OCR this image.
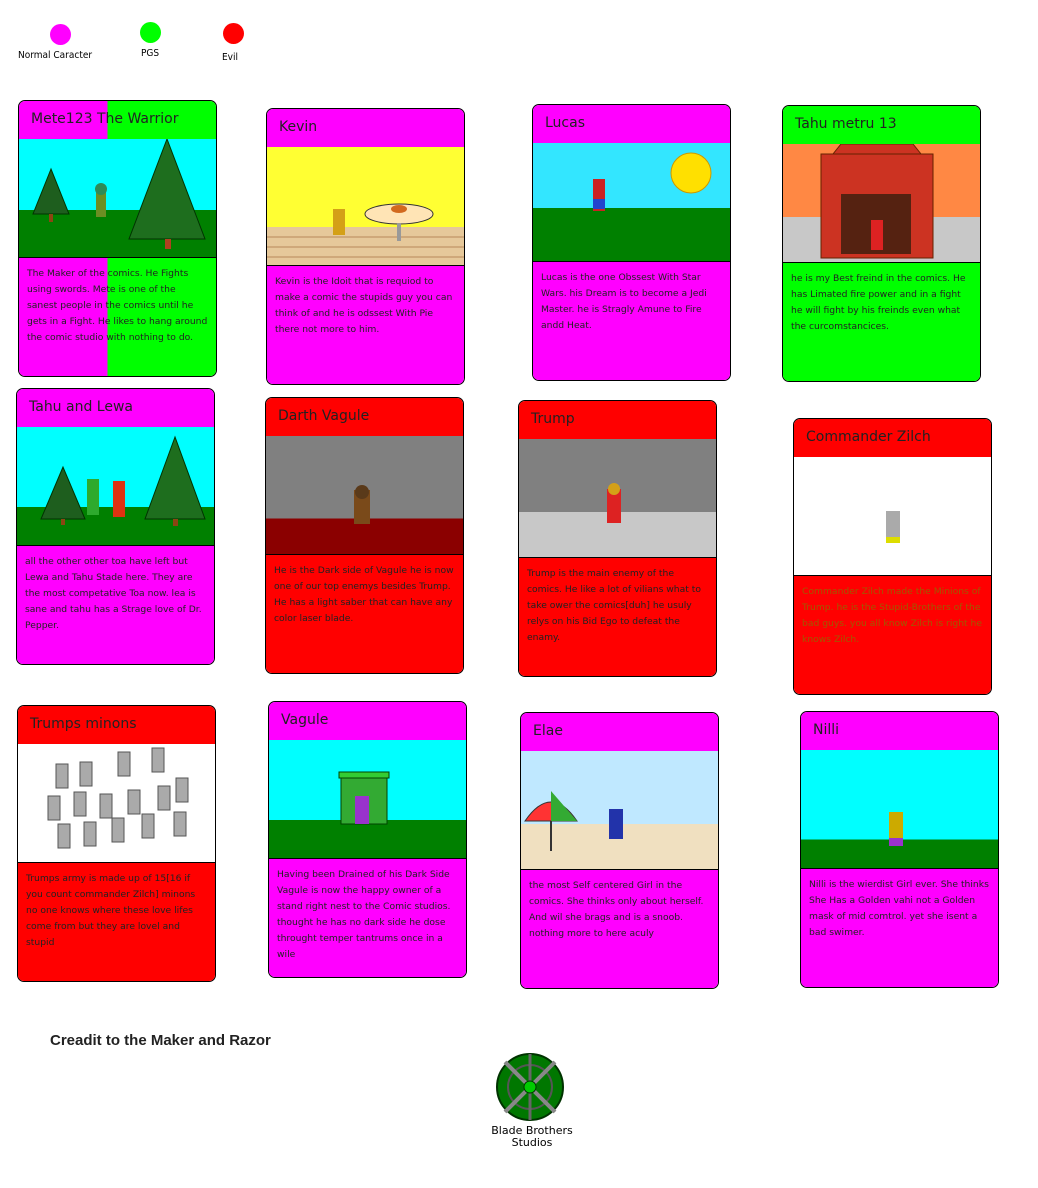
Normal Caracter	PGS	Evil
Mete123 The Warrior

The Maker of the comics. He Fights using swords. Mete is one of the sanest people in the comics until he gets in a Fight. He likes to hang around the comic studio with nothing to do.

Kevin

Kevin is the Idoit that is requiod to make a comic the stupids guy you can think of and he is odssest With Pie there not more to him.

Lucas

Lucas is the one Obssest With Star Wars. his Dream is to become a Jedi Master. he is Stragly Amune to Fire andd Heat.

Tahu metru 13

he is my Best freind in the comics. He has Limated fire power and in a fight he will fight by his freinds even what the curcomstancices.

Tahu and Lewa

all the other other toa have left but Lewa and Tahu Stade here. They are the most competative Toa now. lea is sane and tahu has a Strage love of Dr. Pepper.

Darth Vagule

He is the Dark side of Vagule he is now one of our top enemys besides Trump. He has a light saber that can have any color laser blade.

Trump

Trump is the main enemy of the comics. He like a lot of vilians what to take ower the comics[duh] he usuly relys on his Bid Ego to defeat the enamy.

Commander Zilch

Commander Zilch made the Minions of Trump. he is the Stupid-Brothers of the bad guys. you all know Zilch is right he knows Zilch.

Trumps minons

Trumps army is made up of 15[16 if you count commander Zilch] minons no one knows where these love lifes come from but they are lovel and stupid

Vagule

Having been Drained of his Dark Side Vagule is now the happy owner of a stand right nest to the Comic studios. thought he has no dark side he dose throught temper tantrums once in a wile

Elae

the most Self centered Girl in the comics. She thinks only about herself. And wil she brags and is a snoob. nothing more to here aculy

Nilli

Nilli is the wierdist Girl ever. She thinks She Has a Golden vahi not a Golden mask of mid comtrol. yet she isent a bad swimer.

Creadit to the Maker and Razor
Blade Brothers Studios
